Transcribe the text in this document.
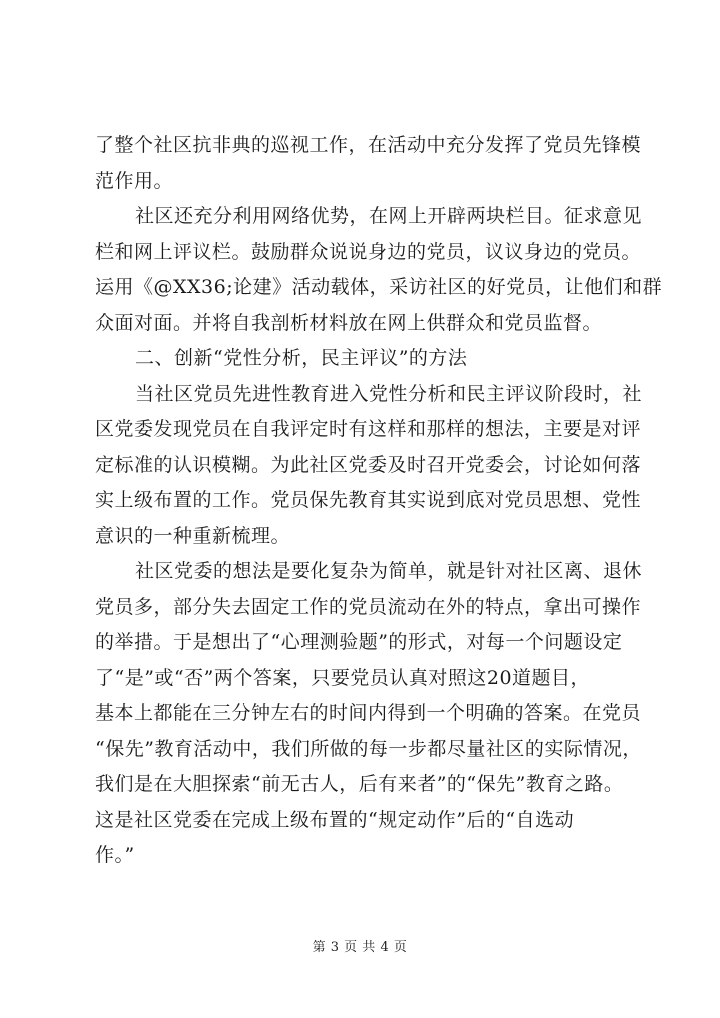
了整个社区抗非典的巡视工作，在活动中充分发挥了党员先锋模
范作用。
社区还充分利用网络优势，在网上开辟两块栏目。征求意见
栏和网上评议栏。鼓励群众说说身边的党员，议议身边的党员。
运用《@XX36;论建》活动载体，采访社区的好党员，让他们和群
众面对面。并将自我剖析材料放在网上供群众和党员监督。
二、创新“党性分析，民主评议”的方法
当社区党员先进性教育进入党性分析和民主评议阶段时，社
区党委发现党员在自我评定时有这样和那样的想法，主要是对评
定标准的认识模糊。为此社区党委及时召开党委会，讨论如何落
实上级布置的工作。党员保先教育其实说到底对党员思想、党性
意识的一种重新梳理。
社区党委的想法是要化复杂为简单，就是针对社区离、退休
党员多，部分失去固定工作的党员流动在外的特点，拿出可操作
的举措。于是想出了“心理测验题”的形式，对每一个问题设定
了“是”或“否”两个答案，只要党员认真对照这20道题目，
基本上都能在三分钟左右的时间内得到一个明确的答案。在党员
“保先”教育活动中，我们所做的每一步都尽量社区的实际情况，
我们是在大胆探索“前无古人，后有来者”的“保先”教育之路。
这是社区党委在完成上级布置的“规定动作”后的“自选动
作。”
第 3 页 共 4 页
